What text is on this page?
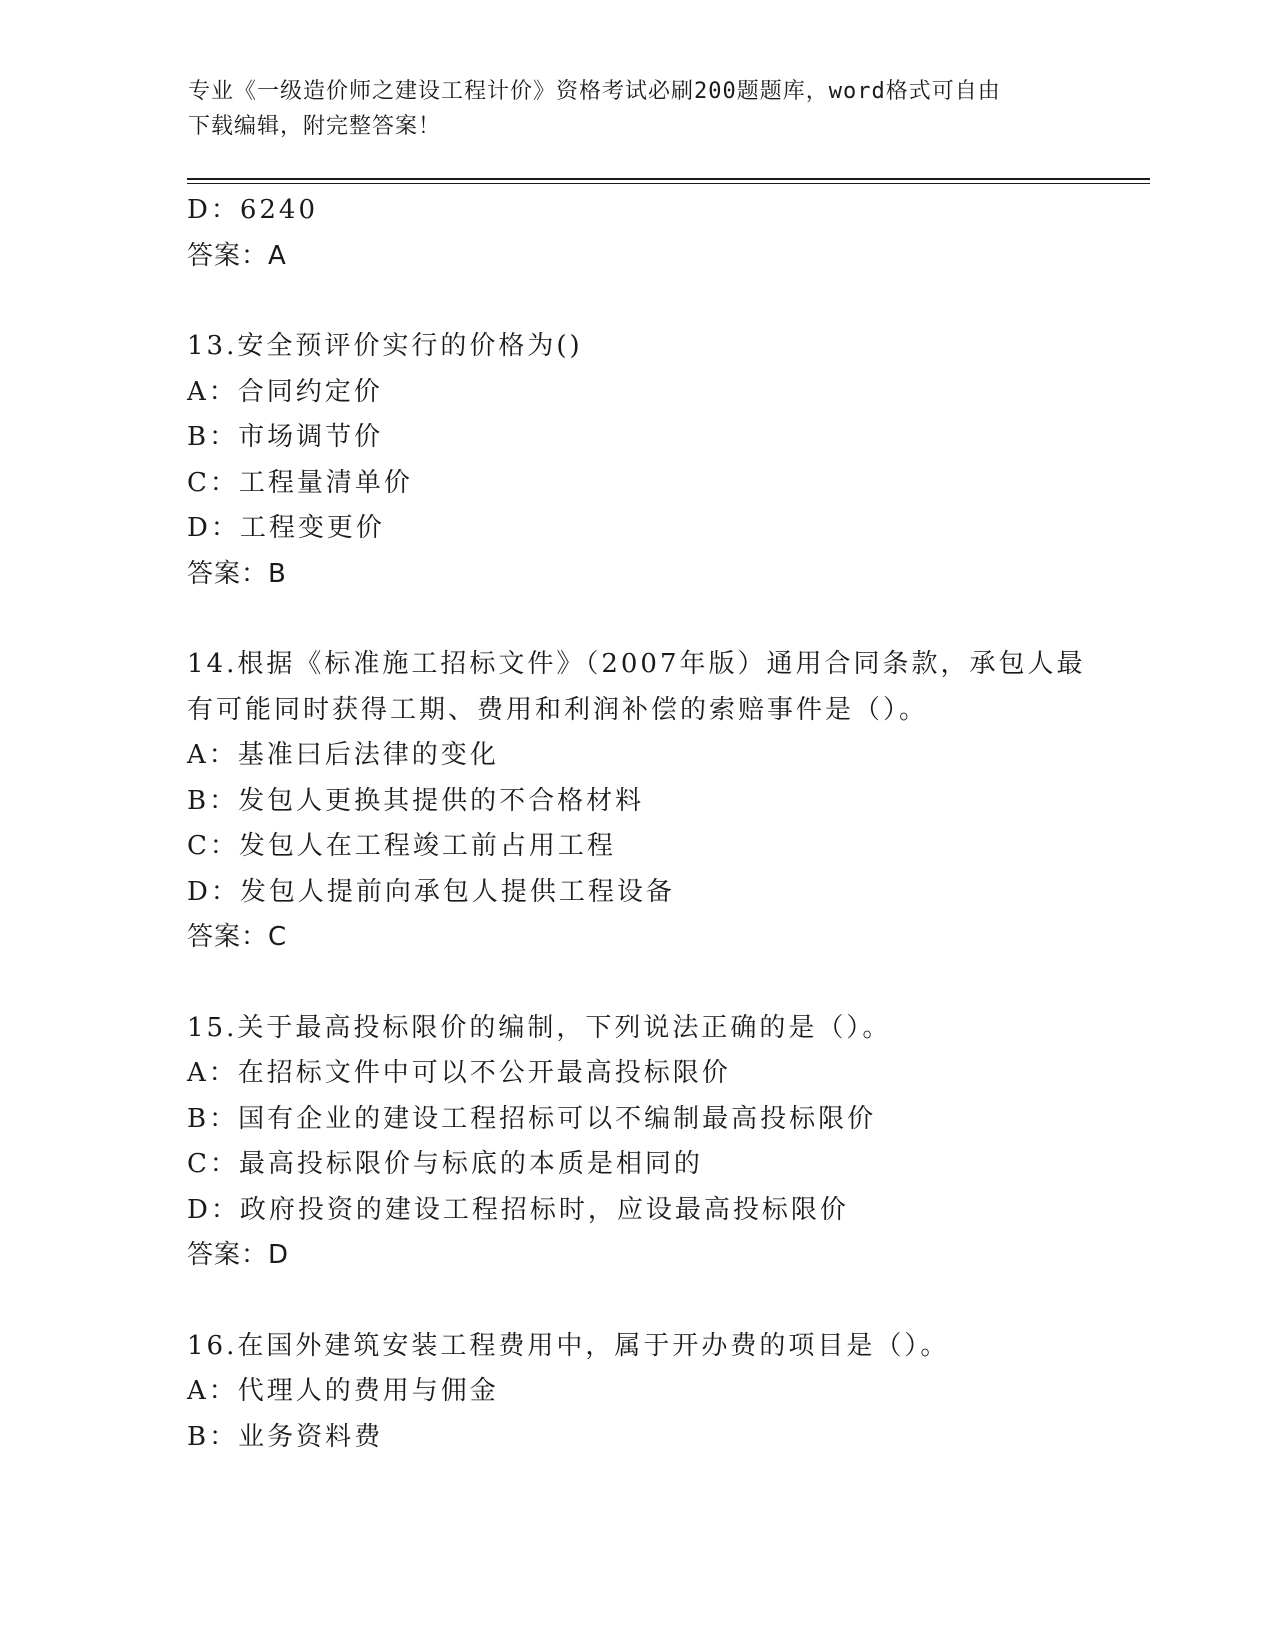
专业《一级造价师之建设工程计价》资格考试必刷200题题库，word格式可自由
下载编辑，附完整答案！
D：6240
答案：A
13.安全预评价实行的价格为()
A：合同约定价
B：市场调节价
C：工程量清单价
D：工程变更价
答案：B
14.根据《标准施工招标文件》（2007年版）通用合同条款，承包人最
有可能同时获得工期、费用和利润补偿的索赔事件是（）。
A：基准曰后法律的变化
B：发包人更换其提供的不合格材料
C：发包人在工程竣工前占用工程
D：发包人提前向承包人提供工程设备
答案：C
15.关于最高投标限价的编制，下列说法正确的是（）。
A：在招标文件中可以不公开最高投标限价
B：国有企业的建设工程招标可以不编制最高投标限价
C：最高投标限价与标底的本质是相同的
D：政府投资的建设工程招标时，应设最高投标限价
答案：D
16.在国外建筑安装工程费用中，属于开办费的项目是（）。
A：代理人的费用与佣金
B：业务资料费
